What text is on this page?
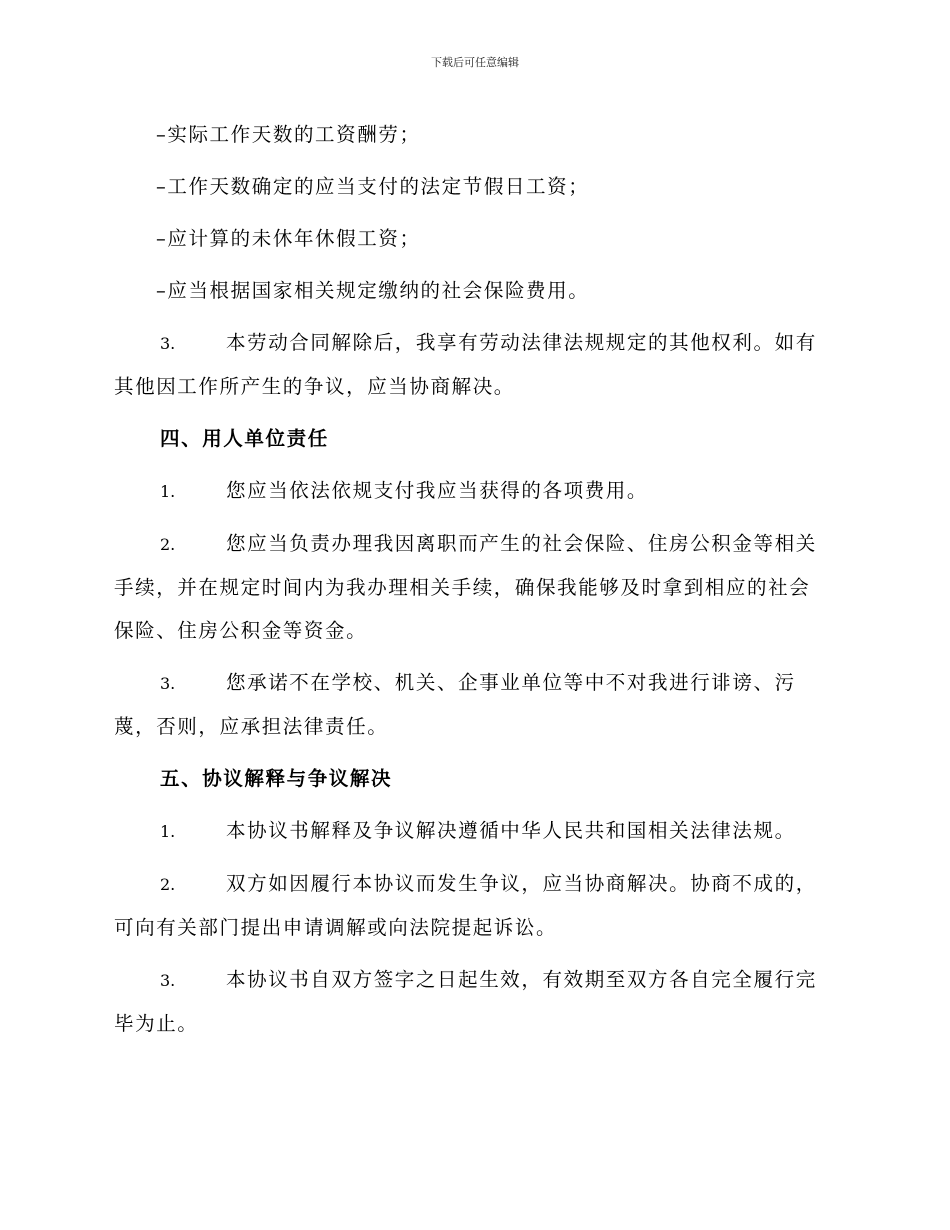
下载后可任意编辑
–实际工作天数的工资酬劳；
–工作天数确定的应当支付的法定节假日工资；
–应计算的未休年休假工资；
–应当根据国家相关规定缴纳的社会保险费用。
3.	本劳动合同解除后，我享有劳动法律法规规定的其他权利。如有
其他因工作所产生的争议，应当协商解决。
四、用人单位责任
1.	您应当依法依规支付我应当获得的各项费用。
2.	您应当负责办理我因离职而产生的社会保险、住房公积金等相关
手续，并在规定时间内为我办理相关手续，确保我能够及时拿到相应的社会
保险、住房公积金等资金。
3.	您承诺不在学校、机关、企事业单位等中不对我进行诽谤、污
蔑，否则，应承担法律责任。
五、协议解释与争议解决
1.	本协议书解释及争议解决遵循中华人民共和国相关法律法规。
2.	双方如因履行本协议而发生争议，应当协商解决。协商不成的，
可向有关部门提出申请调解或向法院提起诉讼。
3.	本协议书自双方签字之日起生效，有效期至双方各自完全履行完
毕为止。
